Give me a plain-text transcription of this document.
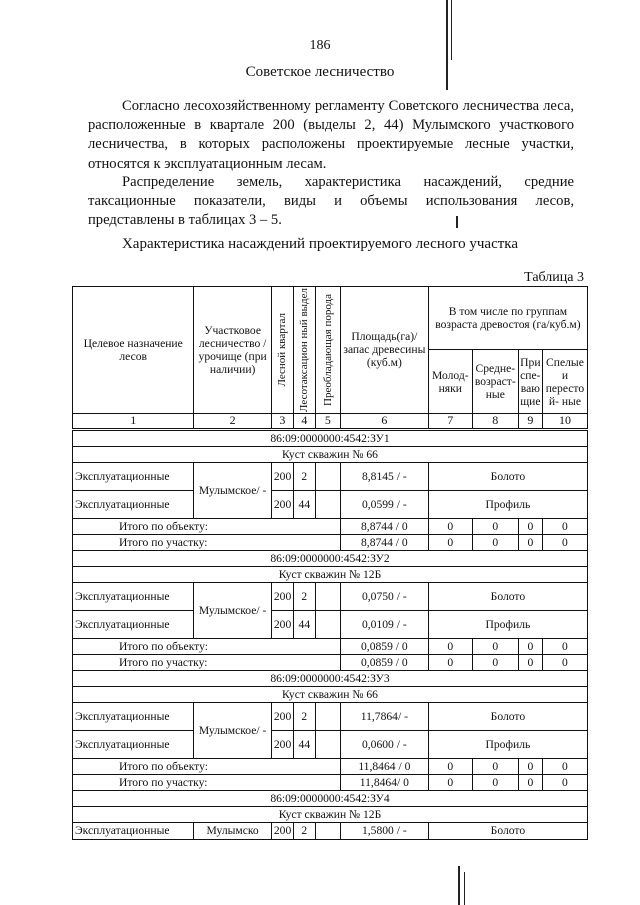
186
Советское лесничество

Согласно лесохозяйственному регламенту Советского лесничества леса, расположенные в квартале 200 (выделы 2, 44) Мулымского участкового лесничества, в которых расположены проектируемые лесные участки, относятся к эксплуатационным лесам.

Распределение земель, характеристика насаждений, средние таксационные показатели, виды и объемы использования лесов, представлены в таблицах 3 – 5.

Характеристика насаждений проектируемого лесного участка
Таблица 3
Целевое назначение лесов	Участковое лесничество /урочище (при наличии)	Лесной квартал	Лесотаксацион ный выдел	Преобладающая порода	Площадь(га)/ запас древесины (куб.м)	В том числе по группам возраста древостоя (га/куб.м)			
						Молод- няки	Средне- возраст- ные	При спе- ваю щие	Спелые и пересто й- ные
1	2	3	4	5	6	7	8	9	10
86:09:0000000:4542:ЗУ1									
Куст скважин № 66									
Эксплуатационные	Мулымское/ -	200	2		8,8145 / -	Болото			
Эксплуатационные		200	44		0,0599 / -	Профиль			
Итого по объекту:					8,8744 / 0	0	0	0	0
Итого по участку:					8,8744 / 0	0	0	0	0
86:09:0000000:4542:ЗУ2									
Куст скважин № 12Б									
Эксплуатационные	Мулымское/ -	200	2		0,0750 / -	Болото			
Эксплуатационные		200	44		0,0109 / -	Профиль			
Итого по объекту:					0,0859 / 0	0	0	0	0
Итого по участку:					0,0859 / 0	0	0	0	0
86:09:0000000:4542:ЗУ3									
Куст скважин № 66									
Эксплуатационные	Мулымское/ -	200	2		11,7864/ -	Болото			
Эксплуатационные		200	44		0,0600 / -	Профиль			
Итого по объекту:					11,8464 / 0	0	0	0	0
Итого по участку:					11,8464/ 0	0	0	0	0
86:09:0000000:4542:ЗУ4									
Куст скважин № 12Б									
Эксплуатационные	Мулымско	200	2		1,5800 / -	Болото			
